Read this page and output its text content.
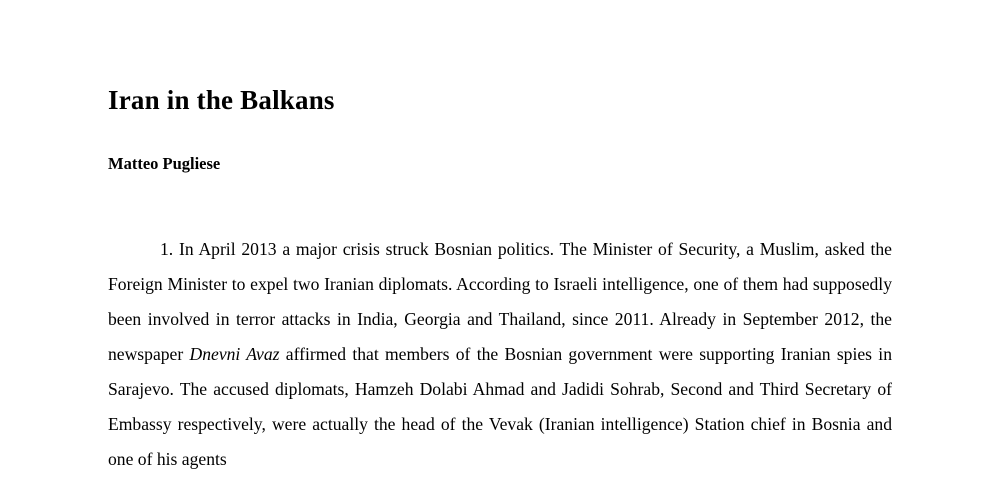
Iran in the Balkans

Matteo Pugliese

1. In April 2013 a major crisis struck Bosnian politics. The Minister of Security, a Muslim, asked the Foreign Minister to expel two Iranian diplomats. According to Israeli intelligence, one of them had supposedly been involved in terror attacks in India, Georgia and Thailand, since 2011. Already in September 2012, the newspaper Dnevni Avaz affirmed that members of the Bosnian government were supporting Iranian spies in Sarajevo. The accused diplomats, Hamzeh Dolabi Ahmad and Jadidi Sohrab, Second and Third Secretary of Embassy respectively, were actually the head of the Vevak (Iranian intelligence) Station chief in Bosnia and one of his agents
